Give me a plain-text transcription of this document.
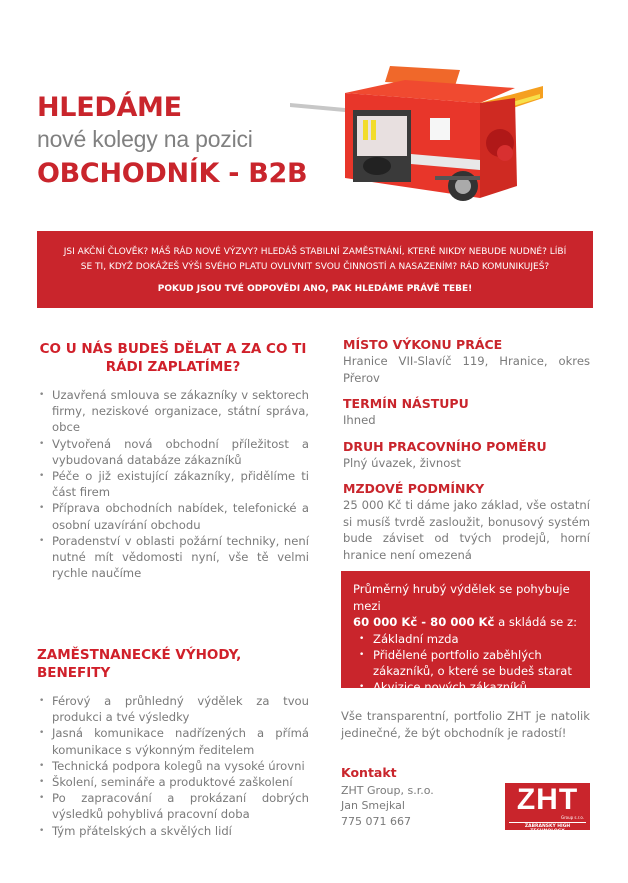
HLEDÁME
nové kolegy na pozici
OBCHODNÍK - B2B
JSI AKČNÍ ČLOVĚK? MÁŠ RÁD NOVÉ VÝZVY? HLEDÁŠ STABILNÍ ZAMĚSTNÁNÍ, KTERÉ NIKDY NEBUDE NUDNÉ? LÍBÍ SE TI, KDYŽ DOKÁŽEŠ VÝŠI SVÉHO PLATU OVLIVNIT SVOU ČINNOSTÍ A NASAZENÍM? RÁD KOMUNIKUJEŠ?
POKUD JSOU TVÉ ODPOVĚDI ANO, PAK HLEDÁME PRÁVĚ TEBE!
CO U NÁS BUDEŠ DĚLAT A ZA CO TI RÁDI ZAPLATÍME?
• Uzavřená smlouva se zákazníky v sektorech firmy, neziskové organizace, státní správa, obce
• Vytvořená nová obchodní příležitost a vybudovaná databáze zákazníků
• Péče o již existující zákazníky, přidělíme ti část firem
• Příprava obchodních nabídek, telefonické a osobní uzavírání obchodu
• Poradenství v oblasti požární techniky, není nutné mít vědomosti nyní, vše tě velmi rychle naučíme
ZAMĚSTNANECKÉ VÝHODY, BENEFITY
• Férový a průhledný výdělek za tvou produkci a tvé výsledky
• Jasná komunikace nadřízených a přímá komunikace s výkonným ředitelem
• Technická podpora kolegů na vysoké úrovni
• Školení, semináře a produktové zaškolení
• Po zapracování a prokázaní dobrých výsledků pohyblivá pracovní doba
• Tým přátelských a skvělých lidí
MÍSTO VÝKONU PRÁCE
Hranice VII-Slavíč 119, Hranice, okres Přerov
TERMÍN NÁSTUPU
Ihned
DRUH PRACOVNÍHO POMĚRU
Plný úvazek, živnost
MZDOVÉ PODMÍNKY
25 000 Kč ti dáme jako základ, vše ostatní si musíš tvrdě zasloužit, bonusový systém bude záviset od tvých prodejů, horní hranice není omezená
Průměrný hrubý výdělek se pohybuje mezi
60 000 Kč - 80 000 Kč a skládá se z:
• Základní mzda
• Přidělené portfolio zaběhlých zákazníků, o které se budeš starat
• Akvizice nových zákazníků
Vše transparentní, portfolio ZHT je natolik jedinečné, že být obchodník je radostí!
Kontakt
ZHT Group, s.r.o.
Jan Smejkal
775 071 667
ZHT
Group s.r.o.
ZABRANSKY HIGH TECHNOLOGY
